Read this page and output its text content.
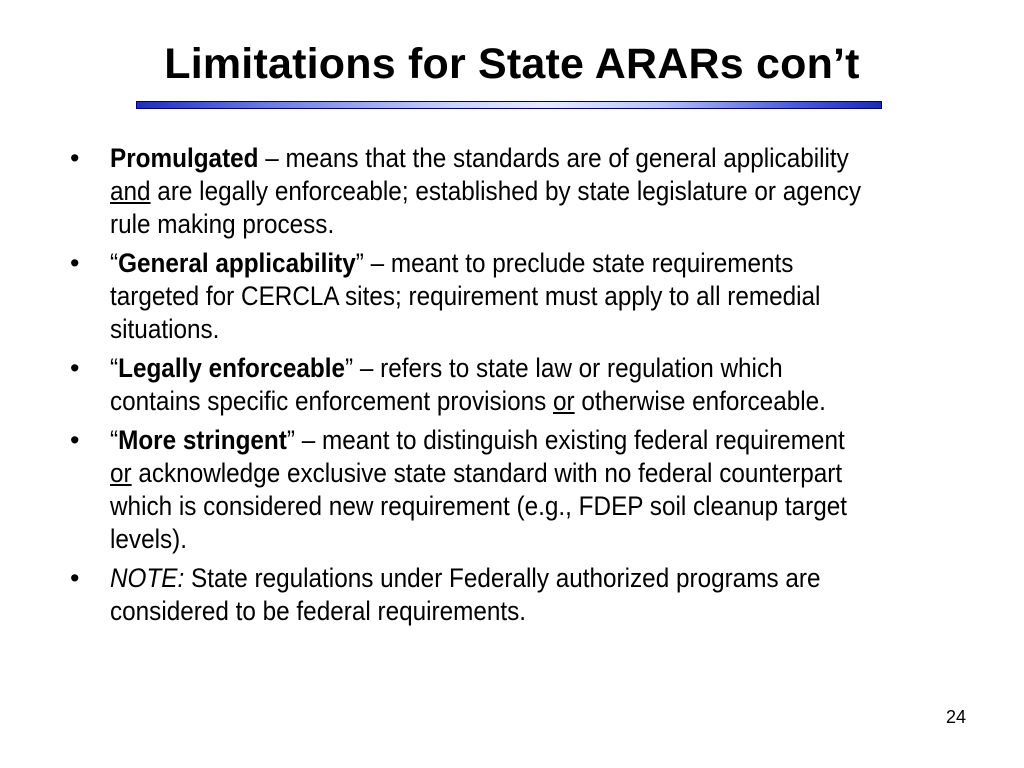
Limitations for State ARARs con’t
•	Promulgated – means that the standards are of general applicability and are legally enforceable; established by state legislature or agency rule making process.
•	“General applicability” – meant to preclude state requirements targeted for CERCLA sites; requirement must apply to all remedial situations.
•	“Legally enforceable” – refers to state law or regulation which contains specific enforcement provisions or otherwise enforceable.
•	“More stringent” – meant to distinguish existing federal requirement or acknowledge exclusive state standard with no federal counterpart which is considered new requirement (e.g., FDEP soil cleanup target levels).
•	NOTE: State regulations under Federally authorized programs are considered to be federal requirements.
24
